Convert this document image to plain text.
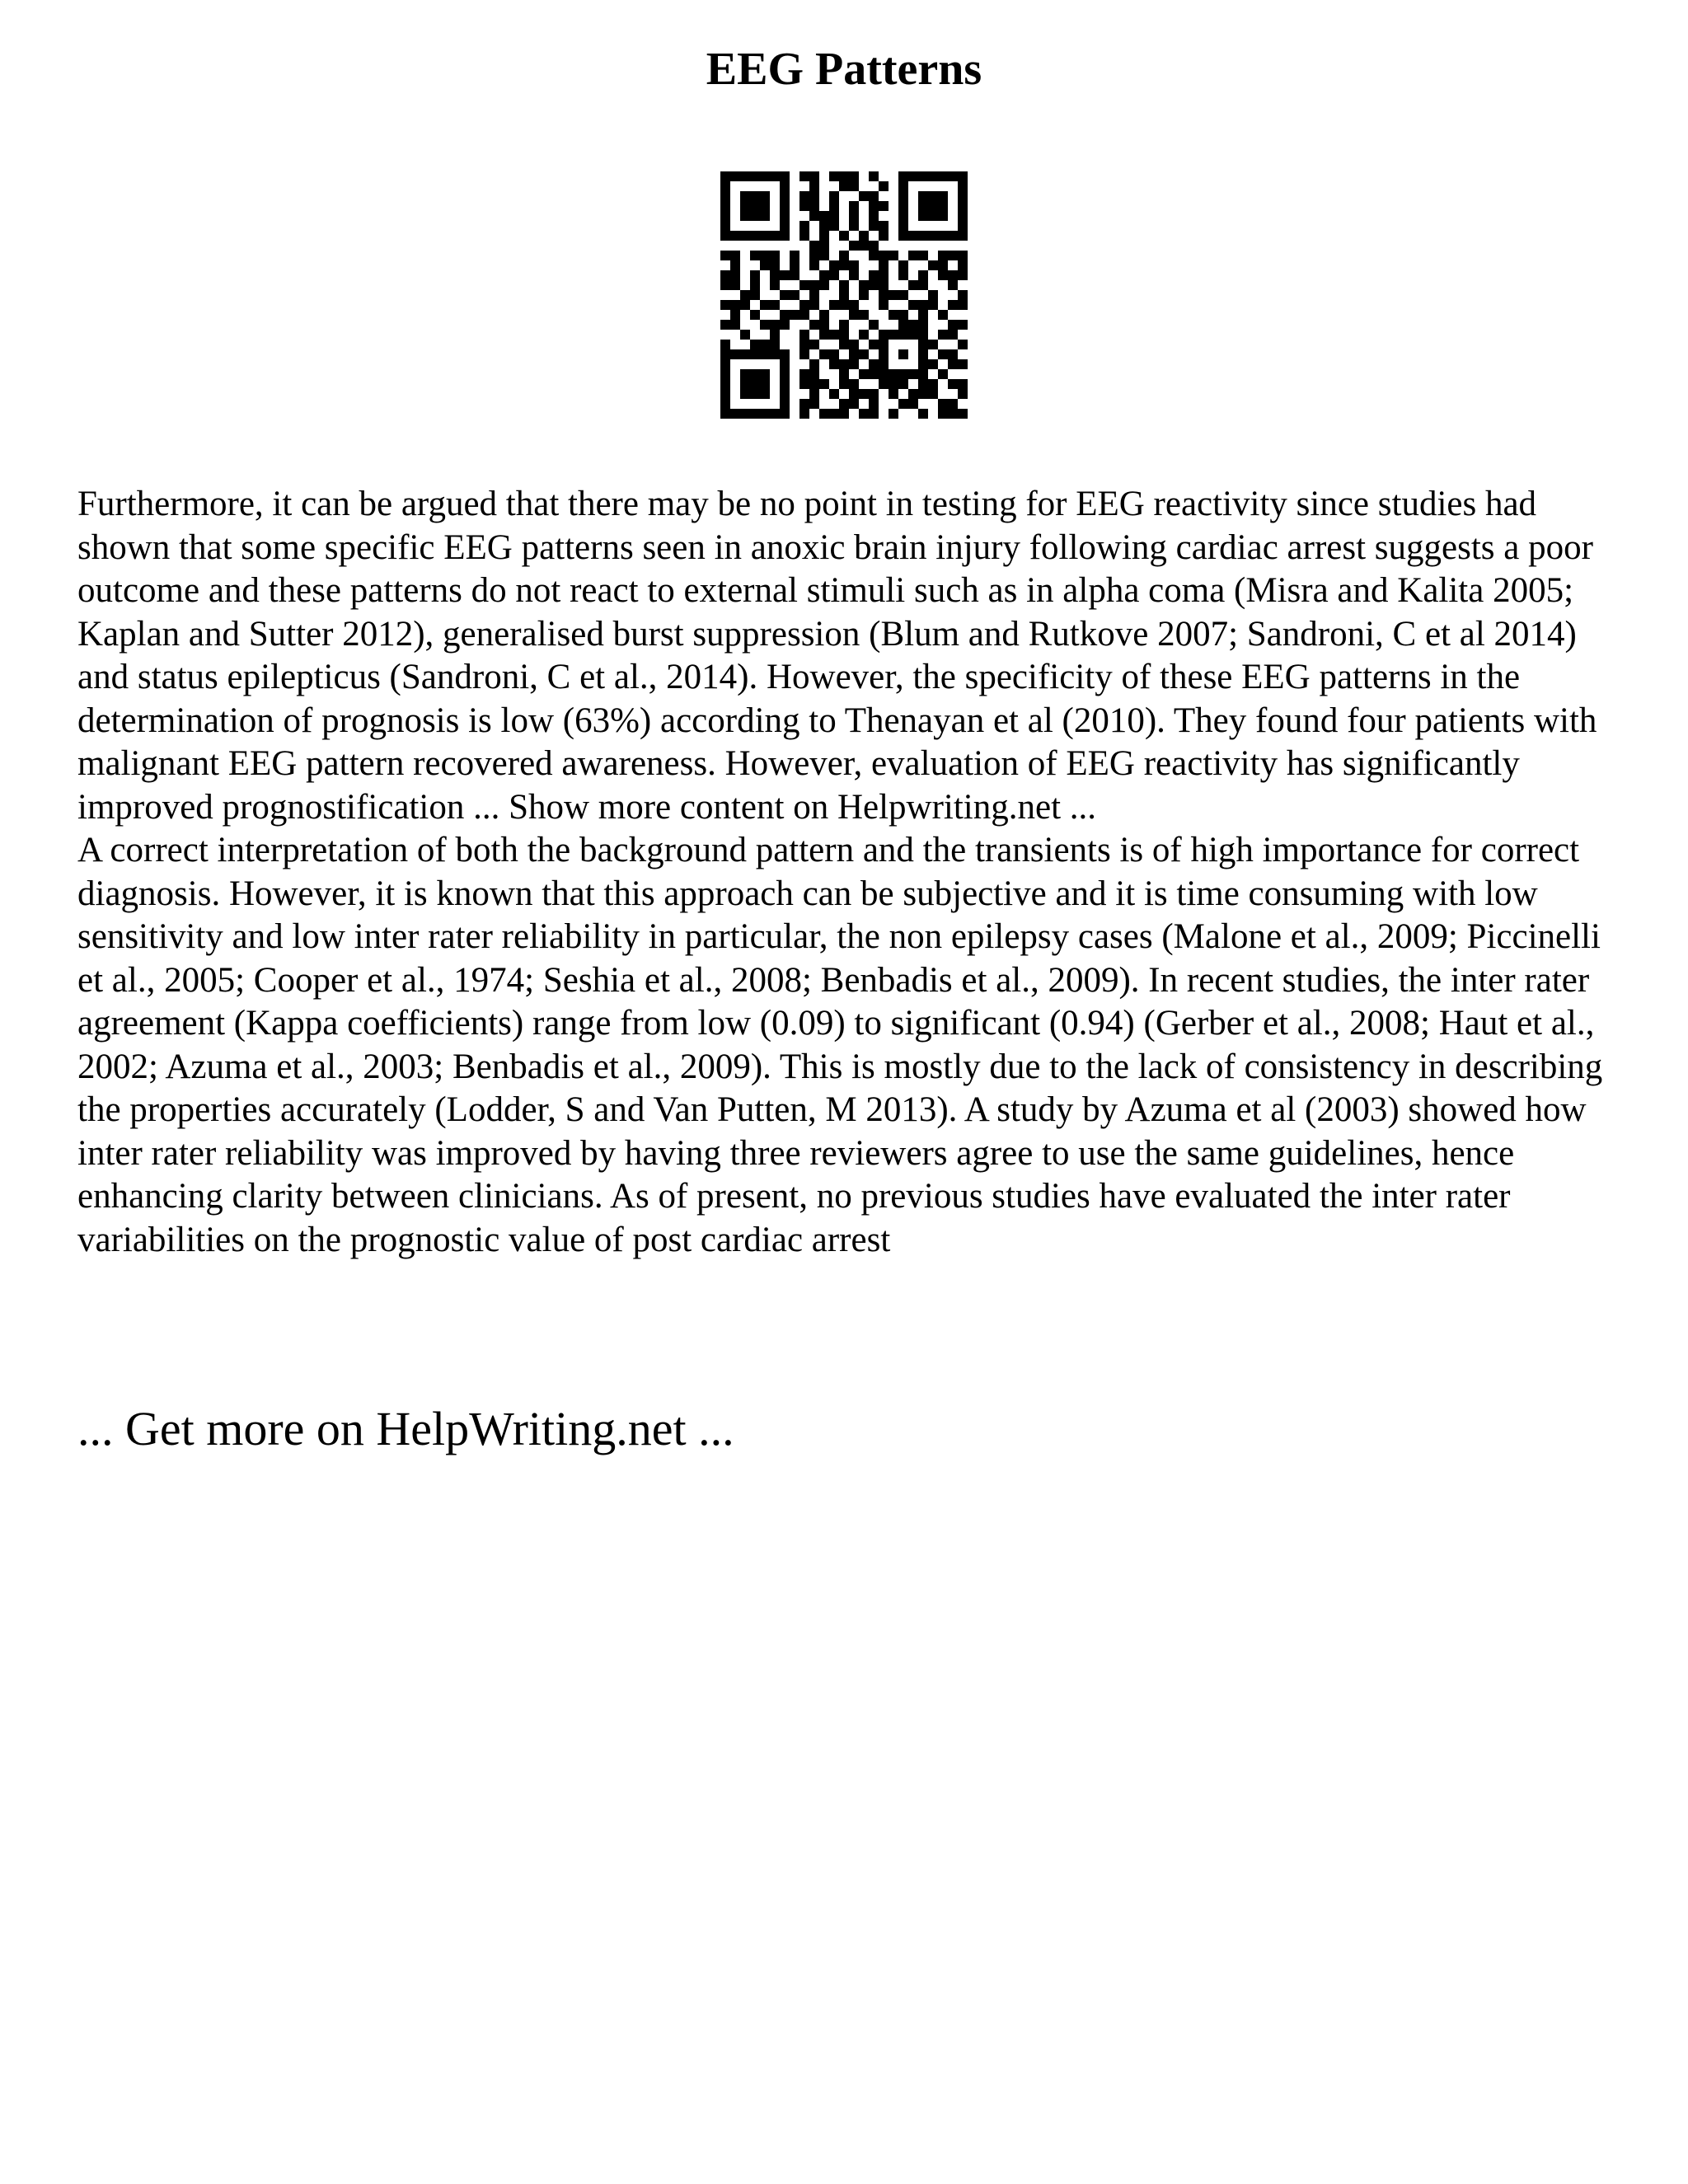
EEG Patterns

Furthermore, it can be argued that there may be no point in testing for EEG reactivity since studies had shown that some specific EEG patterns seen in anoxic brain injury following cardiac arrest suggests a poor outcome and these patterns do not react to external stimuli such as in alpha coma (Misra and Kalita 2005; Kaplan and Sutter 2012), generalised burst suppression (Blum and Rutkove 2007; Sandroni, C et al 2014) and status epilepticus (Sandroni, C et al., 2014). However, the specificity of these EEG patterns in the determination of prognosis is low (63%) according to Thenayan et al (2010). They found four patients with malignant EEG pattern recovered awareness. However, evaluation of EEG reactivity has significantly improved prognostification ... Show more content on Helpwriting.net ...

A correct interpretation of both the background pattern and the transients is of high importance for correct diagnosis. However, it is known that this approach can be subjective and it is time consuming with low sensitivity and low inter rater reliability in particular, the non epilepsy cases (Malone et al., 2009; Piccinelli et al., 2005; Cooper et al., 1974; Seshia et al., 2008; Benbadis et al., 2009). In recent studies, the inter rater agreement (Kappa coefficients) range from low (0.09) to significant (0.94) (Gerber et al., 2008; Haut et al., 2002; Azuma et al., 2003; Benbadis et al., 2009). This is mostly due to the lack of consistency in describing the properties accurately (Lodder, S and Van Putten, M 2013). A study by Azuma et al (2003) showed how inter rater reliability was improved by having three reviewers agree to use the same guidelines, hence enhancing clarity between clinicians. As of present, no previous studies have evaluated the inter rater variabilities on the prognostic value of post cardiac arrest

... Get more on HelpWriting.net ...
